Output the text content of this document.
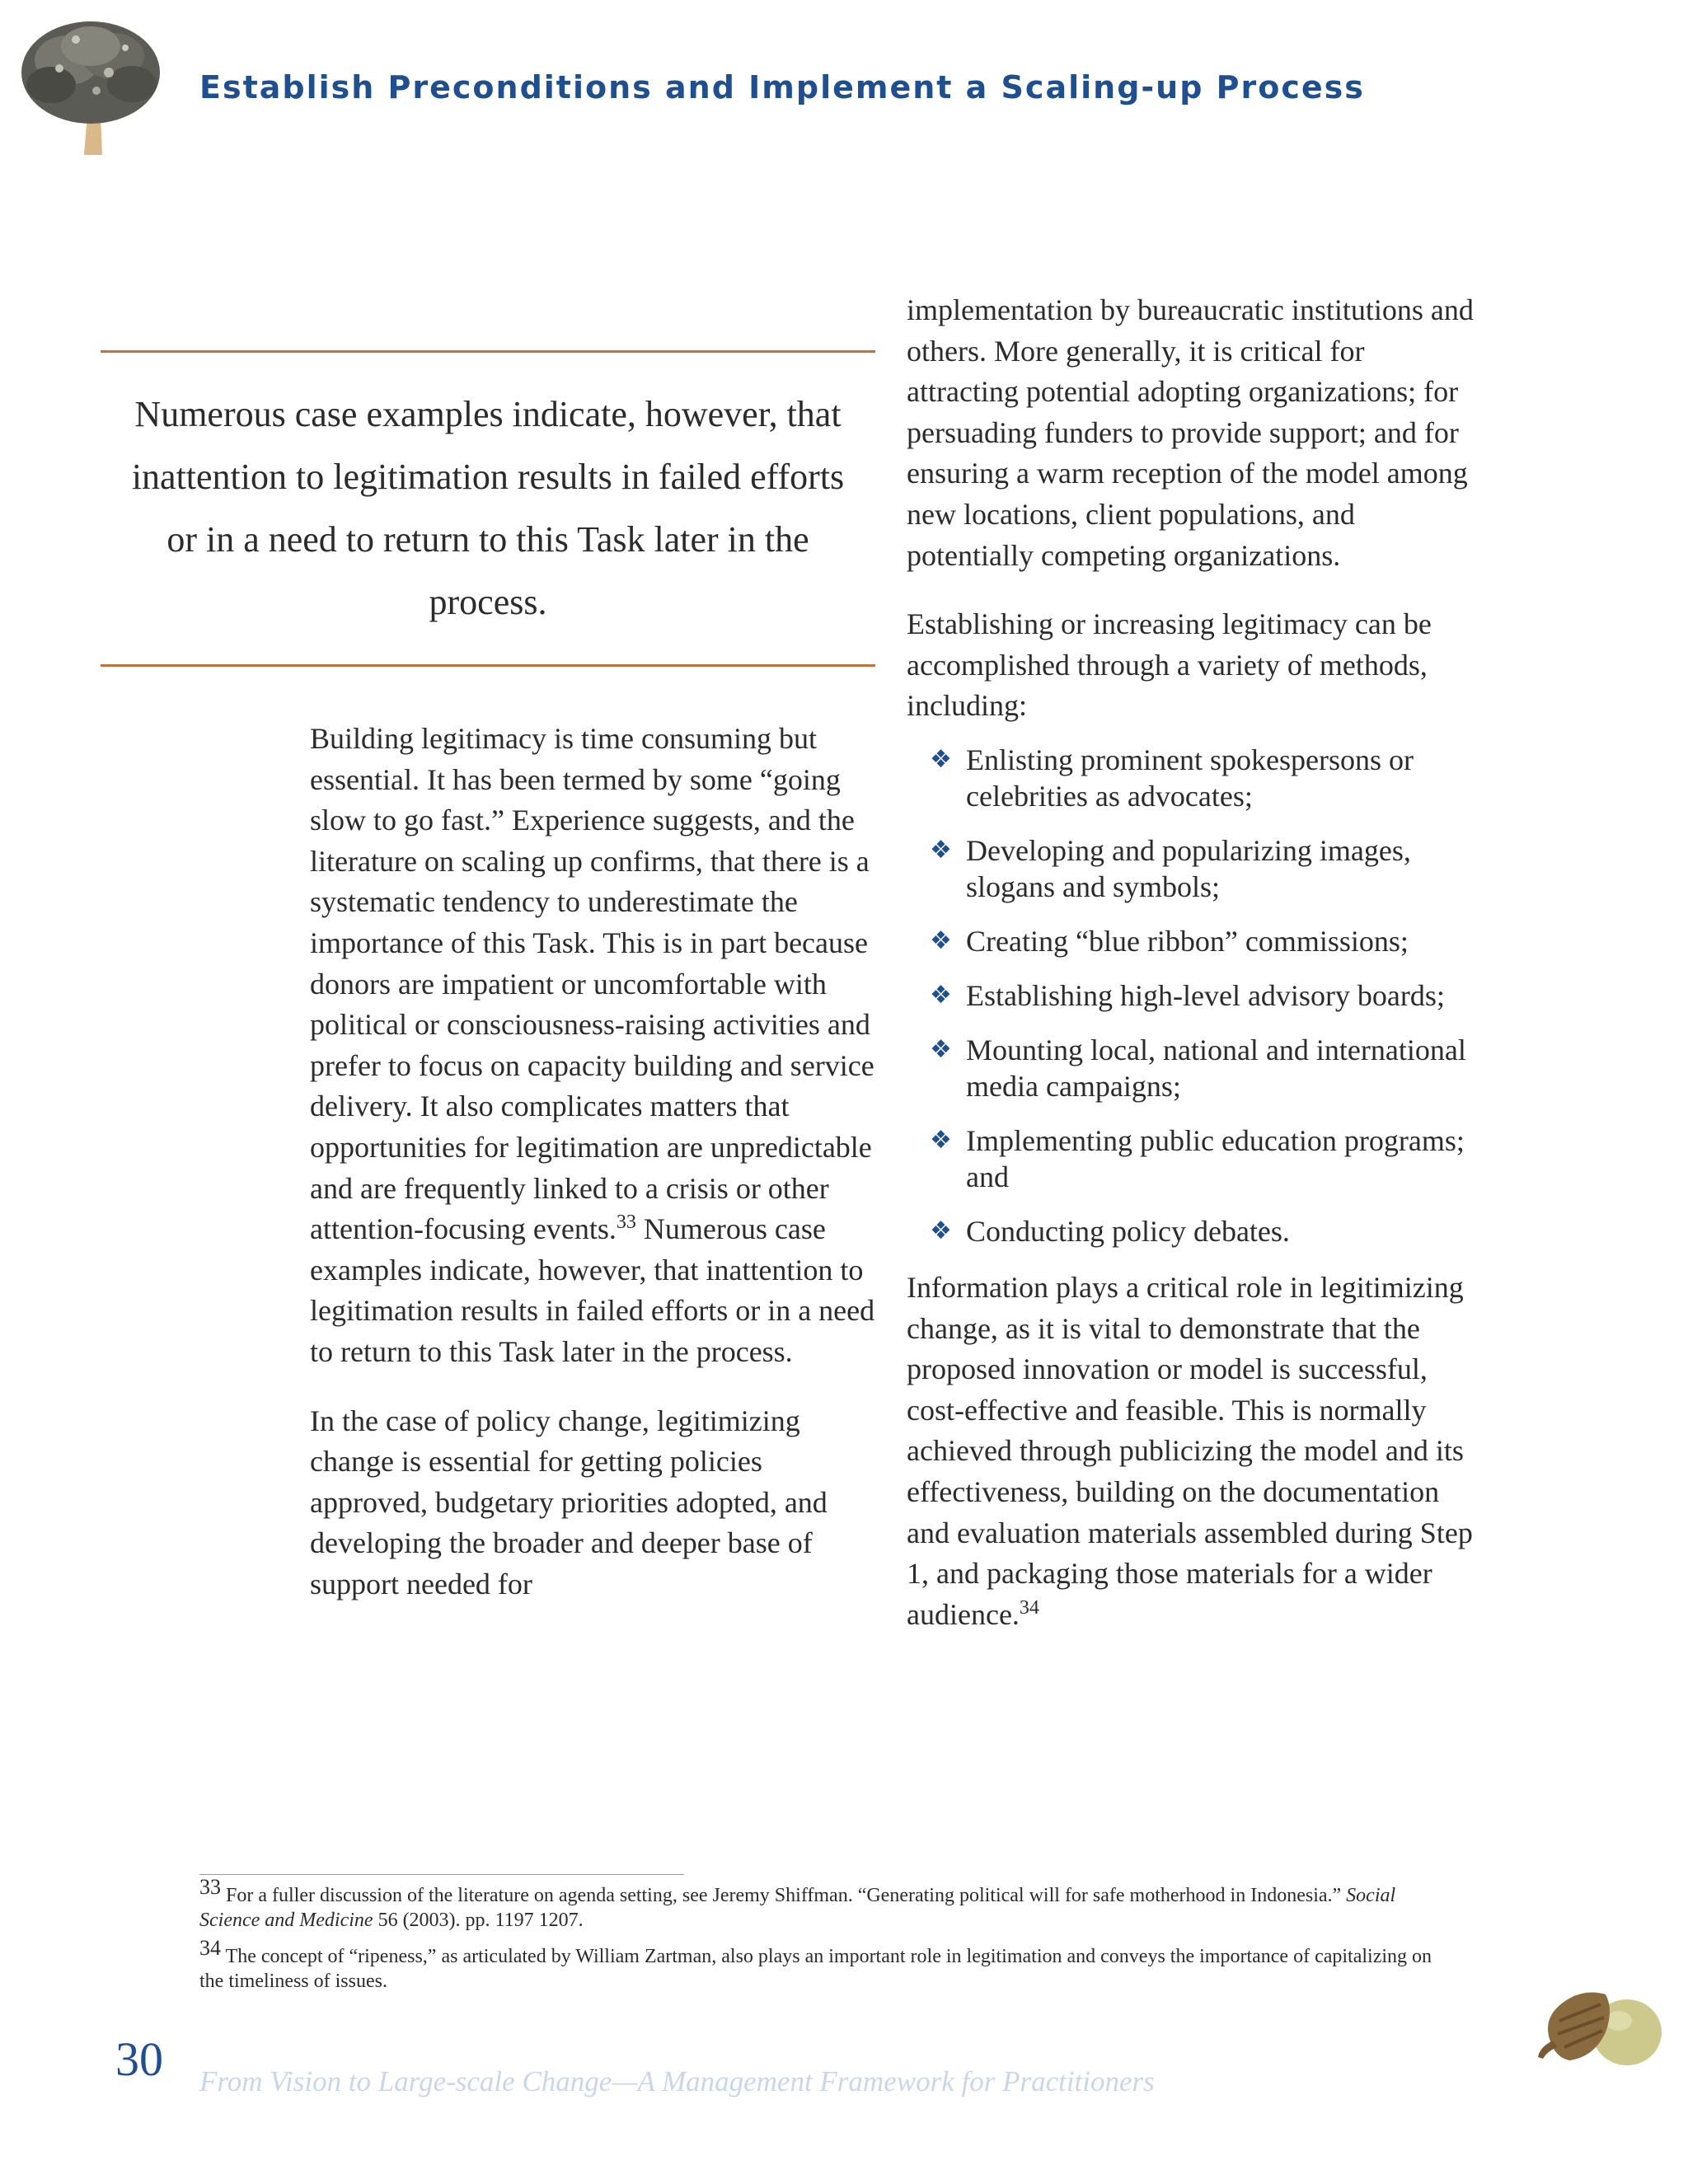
Establish Preconditions and Implement a Scaling-up Process

Numerous case examples indicate, however, that inattention to legitimation results in failed efforts or in a need to return to this Task later in the process.

Building legitimacy is time consuming but essential. It has been termed by some “going slow to go fast.” Experience suggests, and the literature on scaling up confirms, that there is a systematic tendency to underestimate the importance of this Task. This is in part because donors are impatient or uncomfortable with political or consciousness-raising activities and prefer to focus on capacity building and service delivery. It also complicates matters that opportunities for legitimation are unpredictable and are frequently linked to a crisis or other attention-focusing events.$^{33}$ Numerous case examples indicate, however, that inattention to legitimation results in failed efforts or in a need to return to this Task later in the process.

In the case of policy change, legitimizing change is essential for getting policies approved, budgetary priorities adopted, and developing the broader and deeper base of support needed for

implementation by bureaucratic institutions and others. More generally, it is critical for attracting potential adopting organizations; for persuading funders to provide support; and for ensuring a warm reception of the model among new locations, client populations, and potentially competing organizations.

Establishing or increasing legitimacy can be accomplished through a variety of methods, including:

❖ Enlisting prominent spokespersons or celebrities as advocates;
❖ Developing and popularizing images, slogans and symbols;
❖ Creating “blue ribbon” commissions;
❖ Establishing high-level advisory boards;
❖ Mounting local, national and international media campaigns;
❖ Implementing public education programs; and
❖ Conducting policy debates.

Information plays a critical role in legitimizing change, as it is vital to demonstrate that the proposed innovation or model is successful, cost-effective and feasible. This is normally achieved through publicizing the model and its effectiveness, building on the documentation and evaluation materials assembled during Step 1, and packaging those materials for a wider audience.$^{34}$

$^{33}$ For a fuller discussion of the literature on agenda setting, see Jeremy Shiffman. “Generating political will for safe motherhood in Indonesia.” Social Science and Medicine 56 (2003). pp. 1197 1207.

$^{34}$ The concept of “ripeness,” as articulated by William Zartman, also plays an important role in legitimation and conveys the importance of capitalizing on the timeliness of issues.

30 From Vision to Large-scale Change—A Management Framework for Practitioners
